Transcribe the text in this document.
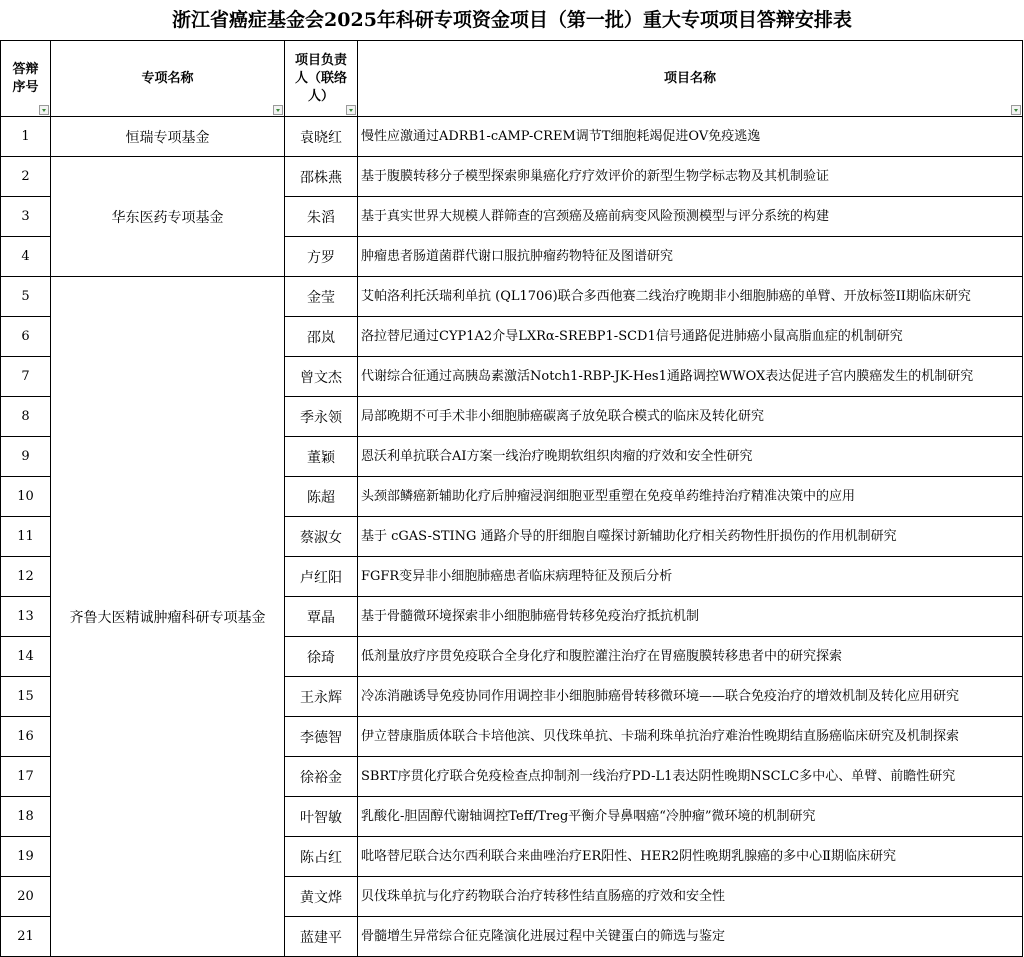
浙江省癌症基金会2025年科研专项资金项目（第一批）重大专项项目答辩安排表
答辩序号	专项名称	项目负责人（联络人）	项目名称

1	恒瑞专项基金	袁晓红	慢性应激通过ADRB1-cAMP-CREM调节T细胞耗竭促进OV免疫逃逸
2	华东医药专项基金	邵株燕	基于腹膜转移分子模型探索卵巢癌化疗疗效评价的新型生物学标志物及其机制验证
3		朱滔	基于真实世界大规模人群筛查的宫颈癌及癌前病变风险预测模型与评分系统的构建
4		方罗	肿瘤患者肠道菌群代谢口服抗肿瘤药物特征及图谱研究
5	齐鲁大医精诚肿瘤科研专项基金	金莹	艾帕洛利托沃瑞利单抗 (QL1706)联合多西他赛二线治疗晚期非小细胞肺癌的单臂、开放标签II期临床研究
6		邵岚	洛拉替尼通过CYP1A2介导LXRα-SREBP1-SCD1信号通路促进肺癌小鼠高脂血症的机制研究
7		曾文杰	代谢综合征通过高胰岛素激活Notch1-RBP-JK-Hes1通路调控WWOX表达促进子宫内膜癌发生的机制研究
8		季永领	局部晚期不可手术非小细胞肺癌碳离子放免联合模式的临床及转化研究
9		董颖	恩沃利单抗联合AI方案一线治疗晚期软组织肉瘤的疗效和安全性研究
10		陈超	头颈部鳞癌新辅助化疗后肿瘤浸润细胞亚型重塑在免疫单药维持治疗精准决策中的应用
11		蔡淑女	基于 cGAS-STING 通路介导的肝细胞自噬探讨新辅助化疗相关药物性肝损伤的作用机制研究
12		卢红阳	FGFR变异非小细胞肺癌患者临床病理特征及预后分析
13		覃晶	基于骨髓微环境探索非小细胞肺癌骨转移免疫治疗抵抗机制
14		徐琦	低剂量放疗序贯免疫联合全身化疗和腹腔灌注治疗在胃癌腹膜转移患者中的研究探索
15		王永辉	冷冻消融诱导免疫协同作用调控非小细胞肺癌骨转移微环境——联合免疫治疗的增效机制及转化应用研究
16		李德智	伊立替康脂质体联合卡培他滨、贝伐珠单抗、卡瑞利珠单抗治疗难治性晚期结直肠癌临床研究及机制探索
17		徐裕金	SBRT序贯化疗联合免疫检查点抑制剂一线治疗PD-L1表达阴性晚期NSCLC多中心、单臂、前瞻性研究
18		叶智敏	乳酸化-胆固醇代谢轴调控Teff/Treg平衡介导鼻咽癌“冷肿瘤”微环境的机制研究
19		陈占红	吡咯替尼联合达尔西利联合来曲唑治疗ER阳性、HER2阴性晚期乳腺癌的多中心Ⅱ期临床研究
20		黄文烨	贝伐珠单抗与化疗药物联合治疗转移性结直肠癌的疗效和安全性
21		蓝建平	骨髓增生异常综合征克隆演化进展过程中关键蛋白的筛选与鉴定
